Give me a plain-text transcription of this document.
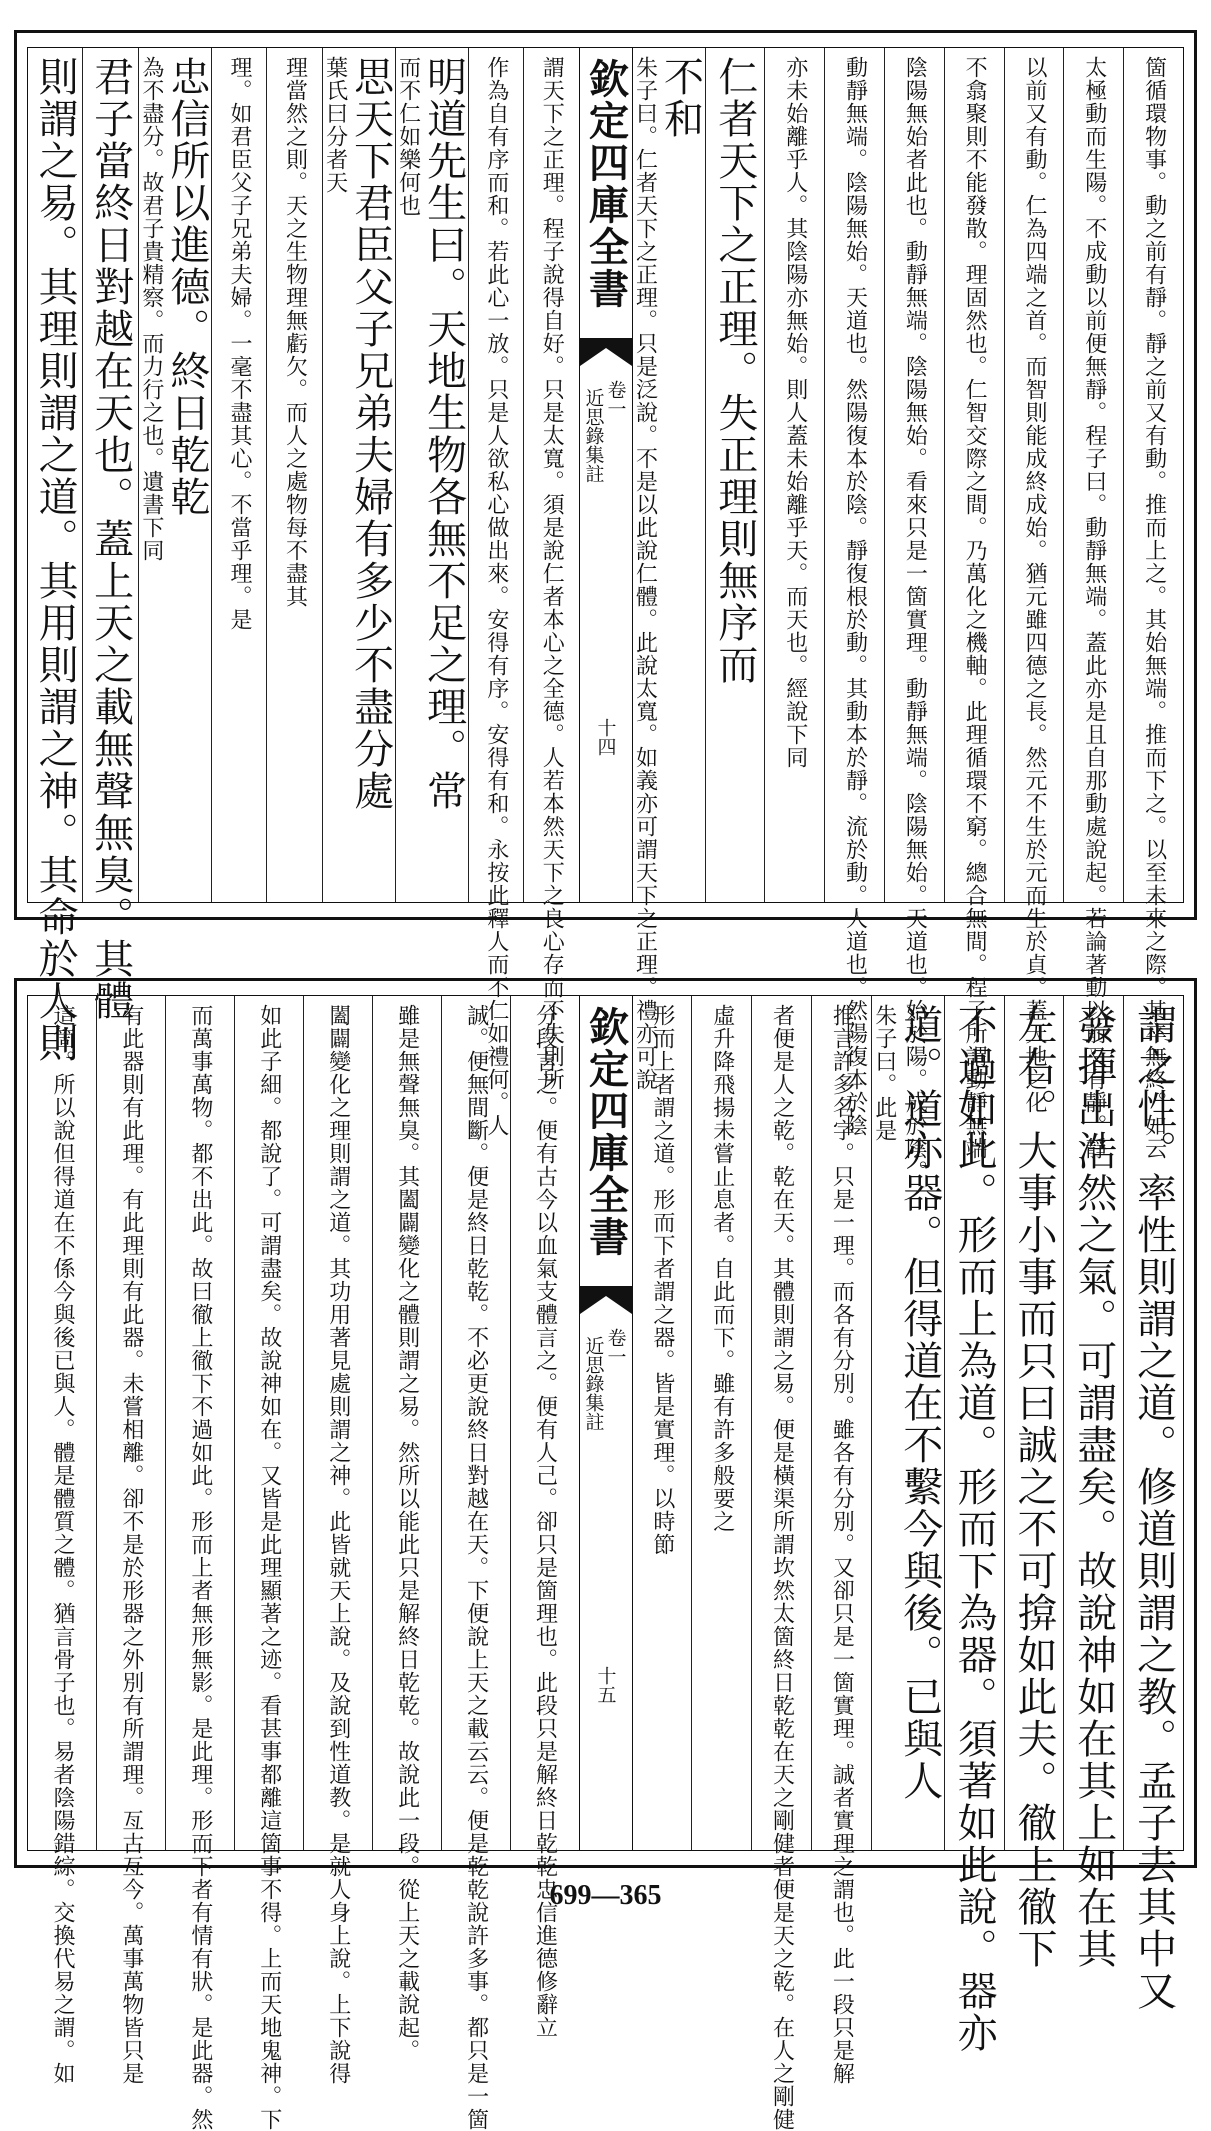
箇循環物事。動之前有靜。靜之前又有動。推而上之。其始無端。推而下之。以至未來之際。其卒無終。如云
太極動而生陽。不成動以前便無靜。程子曰。動靜無端。蓋此亦是且自那動處說起。若論著動以前又有靜。靜
以前又有動。仁為四端之首。而智則能成終成始。猶元雖四德之長。然元不生於元而生於貞。蓋天地之化
不翕聚則不能發散。理固然也。仁智交際之間。乃萬化之機軸。此理循環不窮。總合無間。程子所謂動靜無端
陰陽無始者此也。動靜無端。陰陽無始。看來只是一箇實理。動靜無端。陰陽無始。天道也。始於陽。成於陰。
動靜無端。陰陽無始。天道也。然陽復本於陰。靜復根於動。其動本於靜。流於動。人道也。然陽復本於陰
亦未始離乎人。其陰陽亦無始。則人蓋未始離乎天。而天也。經說下同
仁者天下之正理。失正理則無序而
不和
朱子曰。仁者天下之正理。只是泛說。不是以此說仁體。此說太寬。如義亦可謂天下之正理。禮亦可說
欽定四庫全書
卷一
近思錄集註
十四
謂天下之正理。程子說得自好。只是太寬。須是說仁者本心之全德。人若本然天下之良心存而不失則所
作為自有序而和。若此心一放。只是人欲私心做出來。安得有序。安得有和。永按此釋人而不仁如禮何。人
明道先生曰。天地生物各無不足之理。常
而不仁如樂何也
思天下君臣父子兄弟夫婦有多少不盡分處
葉氏曰分者天
理當然之則。天之生物理無虧欠。而人之處物每不盡其
理。如君臣父子兄弟夫婦。一毫不盡其心。不當乎理。是
忠信所以進德。終日乾乾
為不盡分。故君子貴精察。而力行之也。遺書下同
君子當終日對越在天也。蓋上天之載無聲無臭。其體
則謂之易。其理則謂之道。其用則謂之神。其命於人則
謂之性。率性則謂之道。修道則謂之教。孟子去其中又
發揮出浩然之氣。可謂盡矣。故說神如在其上如在其
左右。大事小事而只曰誠之不可揜如此夫。徹上徹下
不過如此。形而上為道。形而下為器。須著如此說。器亦
道。道亦器。但得道在不繫今與後。已與人
朱子曰。此是
推言許多名字。只是一理。而各有分別。雖各有分別。又卻只是一箇實理。誠者實理之謂也。此一段只是解
者便是人之乾。乾在天。其體則謂之易。便是橫渠所謂坎然太箇終日乾乾在天之剛健者便是天之乾。在人之剛健
虛升降飛揚未嘗止息者。自此而下。雖有許多般要之
形而上者謂之道。形而下者謂之器。皆是實理。以時節
欽定四庫全書
卷一
近思錄集註
十五
分段言之。便有古今以血氣支體言之。便有人己。卻只是箇理也。此段只是解終日乾乾忠信進德修辭立
誠。便無間斷。便是終日乾乾。不必更說終日對越在天。下便說上天之載云云。便是乾乾說許多事。都只是一箇
雖是無聲無臭。其闔闢變化之體則謂之易。然所以能此只是解終日乾乾。故說此一段。從上天之載說起。
闔闢變化之理則謂之道。其功用著見處則謂之神。此皆就天上說。及說到性道教。是就人身上說。上下說得
如此子細。都說了。可謂盡矣。故說神如在。又皆是此理顯著之迹。看甚事都離這箇事不得。上而天地鬼神。下
而萬事萬物。都不出此。故曰徹上徹下不過如此。形而上者無形無影。是此理。形而下者有情有狀。是此器。然
有此器則有此理。有此理則有此器。未嘗相離。卻不是於形器之外別有所謂理。亙古亙今。萬事萬物皆只是
這箇。所以說但得道在不係今與後已與人。體是體質之體。猶言骨子也。易者陰陽錯綜。交換代易之謂。如	699—365
